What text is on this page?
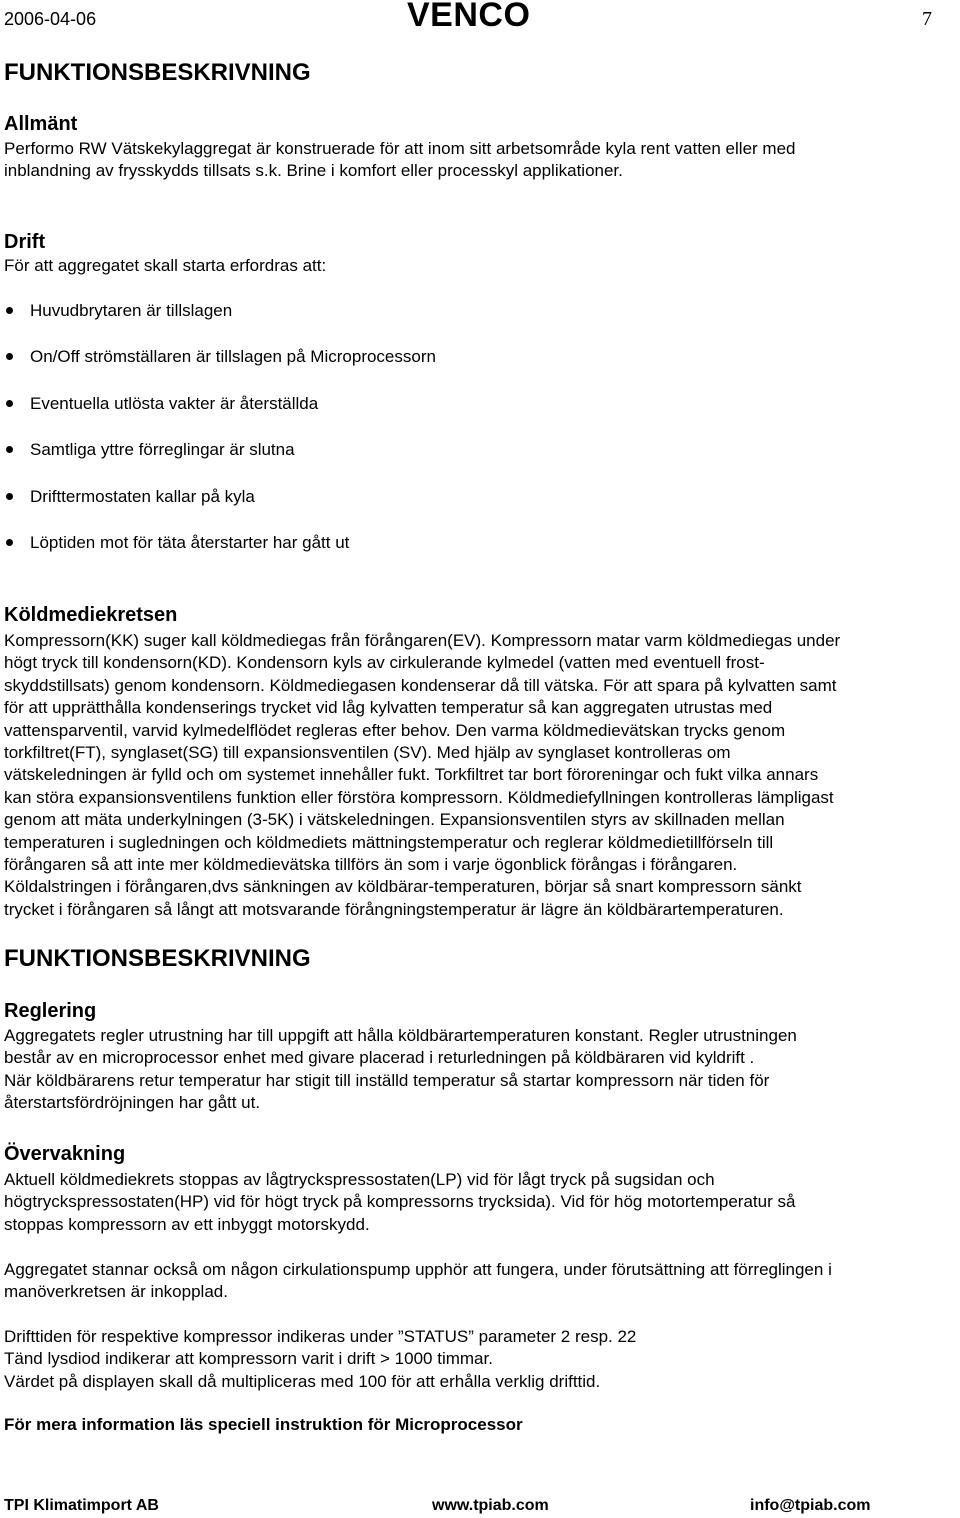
2006-04-06	VENCO	7
FUNKTIONSBESKRIVNING
Allmänt
Performo RW Vätskekylaggregat är konstruerade för att inom sitt arbetsområde kyla rent vatten eller med
inblandning av frysskydds tillsats s.k. Brine i komfort eller processkyl applikationer.
Drift
För att aggregatet skall starta erfordras att:
Huvudbrytaren är tillslagen
On/Off strömställaren är tillslagen på Microprocessorn
Eventuella utlösta vakter är återställda
Samtliga yttre förreglingar är slutna
Drifttermostaten kallar på kyla
Löptiden mot för täta återstarter har gått ut
Köldmediekretsen
Kompressorn(KK) suger kall köldmediegas från förångaren(EV). Kompressorn matar varm köldmediegas under
högt tryck till kondensorn(KD). Kondensorn kyls av cirkulerande kylmedel (vatten med eventuell frost-
skyddstillsats) genom kondensorn. Köldmediegasen kondenserar då till vätska. För att spara på kylvatten samt
för att upprätthålla kondenserings trycket vid låg kylvatten temperatur så kan aggregaten utrustas med
vattensparventil, varvid kylmedelflödet regleras efter behov. Den varma köldmedievätskan trycks genom
torkfiltret(FT), synglaset(SG) till expansionsventilen (SV). Med hjälp av synglaset kontrolleras om
vätskeledningen är fylld och om systemet innehåller fukt. Torkfiltret tar bort föroreningar och fukt vilka annars
kan störa expansionsventilens funktion eller förstöra kompressorn. Köldmediefyllningen kontrolleras lämpligast
genom att mäta underkylningen (3-5K) i vätskeledningen. Expansionsventilen styrs av skillnaden mellan
temperaturen i sugledningen och köldmediets mättningstemperatur och reglerar köldmedietillförseln till
förångaren så att inte mer köldmedievätska tillförs än som i varje ögonblick förångas i förångaren.
Köldalstringen i förångaren,dvs sänkningen av köldbärar-temperaturen, börjar så snart kompressorn sänkt
trycket i förångaren så långt att motsvarande förångningstemperatur är lägre än köldbärartemperaturen.
FUNKTIONSBESKRIVNING
Reglering
Aggregatets regler utrustning har till uppgift att hålla köldbärartemperaturen konstant. Regler utrustningen
består av en microprocessor enhet med givare placerad i returledningen på köldbäraren vid kyldrift .
När köldbärarens retur temperatur har stigit till inställd temperatur så startar kompressorn när tiden för
återstartsfördröjningen har gått ut.
Övervakning
Aktuell köldmediekrets stoppas av lågtryckspressostaten(LP) vid för lågt tryck på sugsidan och
högtryckspressostaten(HP) vid för högt tryck på kompressorns trycksida). Vid för hög motortemperatur så
stoppas kompressorn av ett inbyggt motorskydd.
Aggregatet stannar också om någon cirkulationspump upphör att fungera, under förutsättning att förreglingen i
manöverkretsen är inkopplad.
Drifttiden för respektive kompressor indikeras under ”STATUS” parameter 2 resp. 22
Tänd lysdiod indikerar att kompressorn varit i drift > 1000 timmar.
Värdet på displayen skall då multipliceras med 100 för att erhålla verklig drifttid.
För mera information läs speciell instruktion för Microprocessor
TPI Klimatimport AB	www.tpiab.com	info@tpiab.com
